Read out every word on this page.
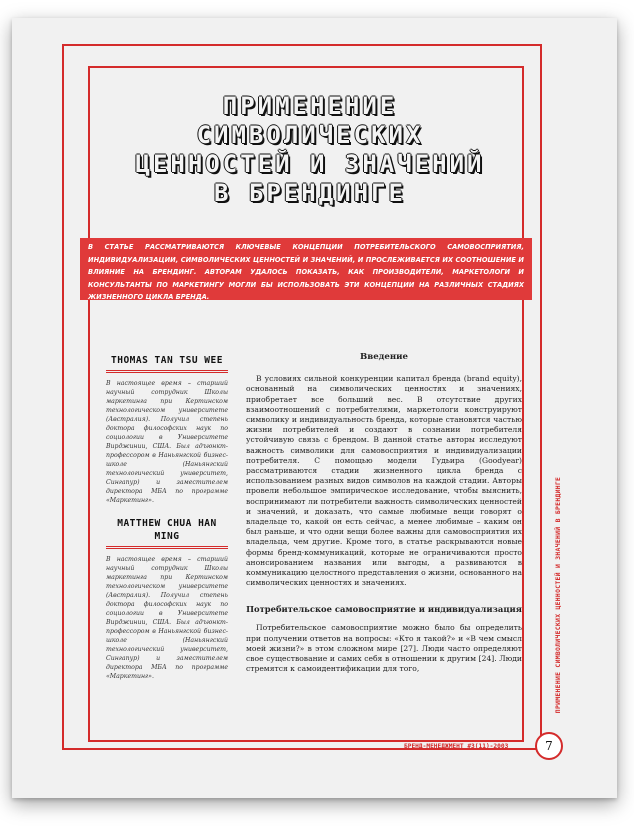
ПРИМЕНЕНИЕ
СИМВОЛИЧЕСКИХ
ЦЕННОСТЕЙ И ЗНАЧЕНИЙ
В БРЕНДИНГЕ
В СТАТЬЕ РАССМАТРИВАЮТСЯ КЛЮЧЕВЫЕ КОНЦЕПЦИИ ПОТРЕБИТЕЛЬСКОГО САМОВОСПРИЯТИЯ, ИНДИВИДУАЛИЗАЦИИ, СИМВОЛИЧЕСКИХ ЦЕННОСТЕЙ И ЗНАЧЕНИЙ, И ПРОСЛЕЖИВАЕТСЯ ИХ СООТНОШЕНИЕ И ВЛИЯНИЕ НА БРЕНДИНГ. АВТОРАМ УДАЛОСЬ ПОКАЗАТЬ, КАК ПРОИЗВОДИТЕЛИ, МАРКЕТОЛОГИ И КОНСУЛЬТАНТЫ ПО МАРКЕТИНГУ МОГЛИ БЫ ИСПОЛЬЗОВАТЬ ЭТИ КОНЦЕПЦИИ НА РАЗЛИЧНЫХ СТАДИЯХ ЖИЗНЕННОГО ЦИКЛА БРЕНДА.
THOMAS TAN TSU WEE

В настоящее время – старший научный сотрудник Школы маркетинга при Кертинском технологическом университете (Австралия). Получил степень доктора философских наук по социологии в Университете Вирджинии, США. Был адъюнкт-профессором в Наньянгской бизнес-школе (Наньянгский технологический университет, Сингапур) и заместителем директора МБА по программе «Маркетинг».

MATTHEW CHUA HAN MING

В настоящее время – старший научный сотрудник Школы маркетинга при Кертинском технологическом университете (Австралия). Получил степень доктора философских наук по социологии в Университете Вирджинии, США. Был адъюнкт-профессором в Наньянгской бизнес-школе (Наньянгский технологический университет, Сингапур) и заместителем директора МБА по программе «Маркетинг».

Введение

В условиях сильной конкуренции капитал бренда (brand equity), основанный на символических ценностях и значениях, приобретает все больший вес. В отсутствие других взаимоотношений с потребителями, маркетологи конструируют символику и индивидуальность бренда, которые становятся частью жизни потребителей и создают в сознании потребителя устойчивую связь с брендом. В данной статье авторы исследуют важность символики для самовосприятия и индивидуализации потребителя. С помощью модели Гудьира (Goodyear) рассматриваются стадии жизненного цикла бренда с использованием разных видов символов на каждой стадии. Авторы провели небольшое эмпирическое исследование, чтобы выяснить, воспринимают ли потребители важность символических ценностей и значений, и доказать, что самые любимые вещи говорят о владельце то, какой он есть сейчас, а менее любимые – каким он был раньше, и что одни вещи более важны для самовосприятия их владельца, чем другие. Кроме того, в статье раскрываются новые формы бренд-коммуникаций, которые не ограничиваются просто анонсированием названия или выгоды, а развиваются в коммуникацию целостного представления о жизни, основанного на символических ценностях и значениях.

Потребительское самовосприятие и индивидуализация

Потребительское самовосприятие можно было бы определить при получении ответов на вопросы: «Кто я такой?» и «В чем смысл моей жизни?» в этом сложном мире [27]. Люди часто определяют свое существование и самих себя в отношении к другим [24]. Люди стремятся к самоидентификации для того,	ПРИМЕНЕНИЕ СИМВОЛИЧЕСКИХ ЦЕННОСТЕЙ И ЗНАЧЕНИЙ В БРЕНДИНГЕ
БРЕНД-МЕНЕДЖМЕНТ #3(11)-2003	7
